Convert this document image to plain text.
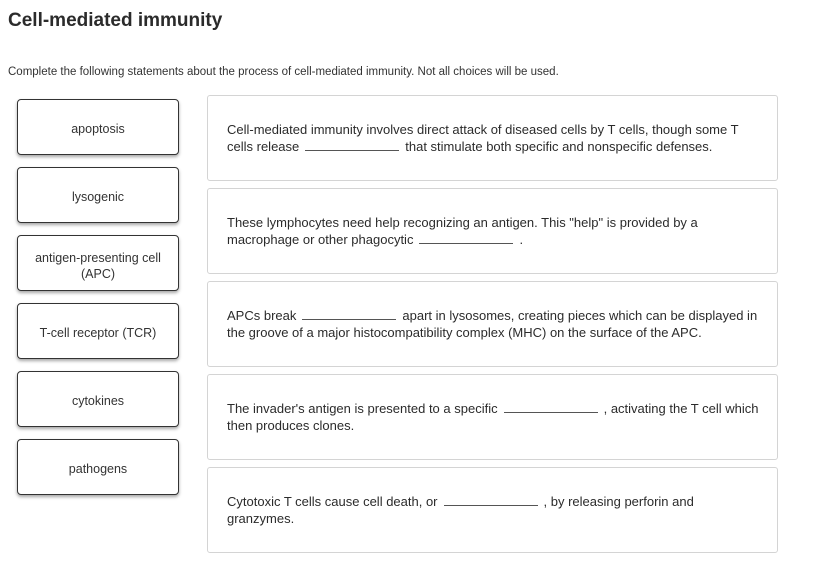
Cell-mediated immunity
Complete the following statements about the process of cell-mediated immunity. Not all choices will be used.
apoptosis
lysogenic
antigen-presenting cell (APC)
T-cell receptor (TCR)
cytokines
pathogens
Cell-mediated immunity involves direct attack of diseased cells by T cells, though some T cells release	that stimulate both specific and nonspecific defenses.
These lymphocytes need help recognizing an antigen. This "help" is provided by a macrophage or other phagocytic	.
APCs break	apart in lysosomes, creating pieces which can be displayed in the groove of a major histocompatibility complex (MHC) on the surface of the APC.
The invader's antigen is presented to a specific	, activating the T cell which then produces clones.
Cytotoxic T cells cause cell death, or	, by releasing perforin and granzymes.
